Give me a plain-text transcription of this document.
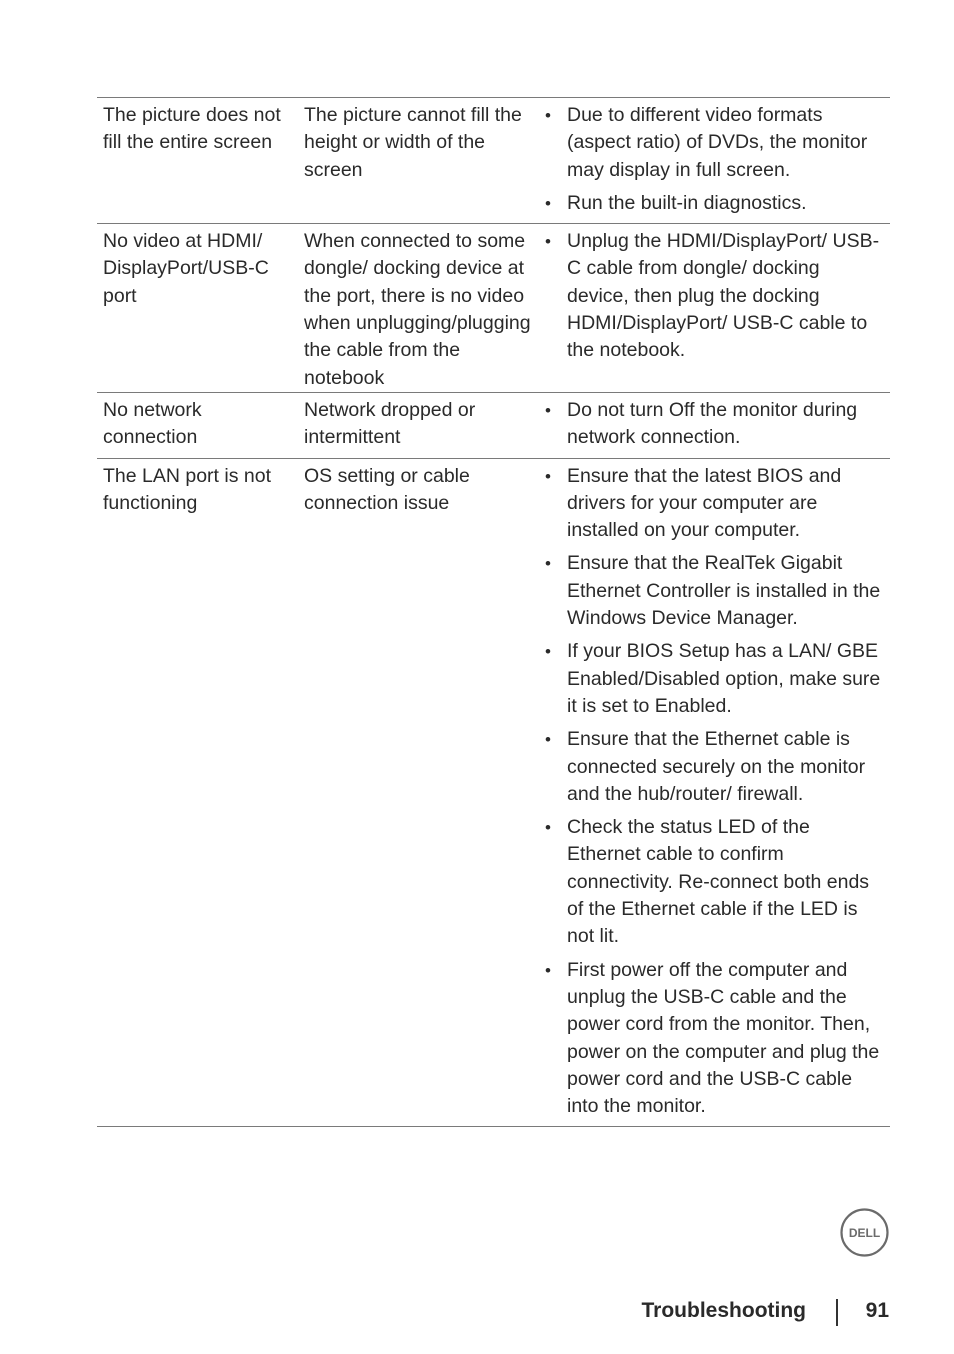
The picture does not fill the entire screen
The picture cannot fill the height or width of the screen
• Due to different video formats (aspect ratio) of DVDs, the monitor may display in full screen.
• Run the built-in diagnostics.
No video at HDMI/ DisplayPort/USB-C port
When connected to some dongle/ docking device at the port, there is no video when unplugging/plugging the cable from the notebook
• Unplug the HDMI/DisplayPort/ USB-C cable from dongle/ docking device, then plug the docking HDMI/DisplayPort/ USB-C cable to the notebook.
No network connection
Network dropped or intermittent
• Do not turn Off the monitor during network connection.
The LAN port is not functioning
OS setting or cable connection issue
• Ensure that the latest BIOS and drivers for your computer are installed on your computer.
• Ensure that the RealTek Gigabit Ethernet Controller is installed in the Windows Device Manager.
• If your BIOS Setup has a LAN/ GBE Enabled/Disabled option, make sure it is set to Enabled.
• Ensure that the Ethernet cable is connected securely on the monitor and the hub/router/ firewall.
• Check the status LED of the Ethernet cable to confirm connectivity. Re-connect both ends of the Ethernet cable if the LED is not lit.
• First power off the computer and unplug the USB-C cable and the power cord from the monitor. Then, power on the computer and plug the power cord and the USB-C cable into the monitor.
DELL
Troubleshooting	91
